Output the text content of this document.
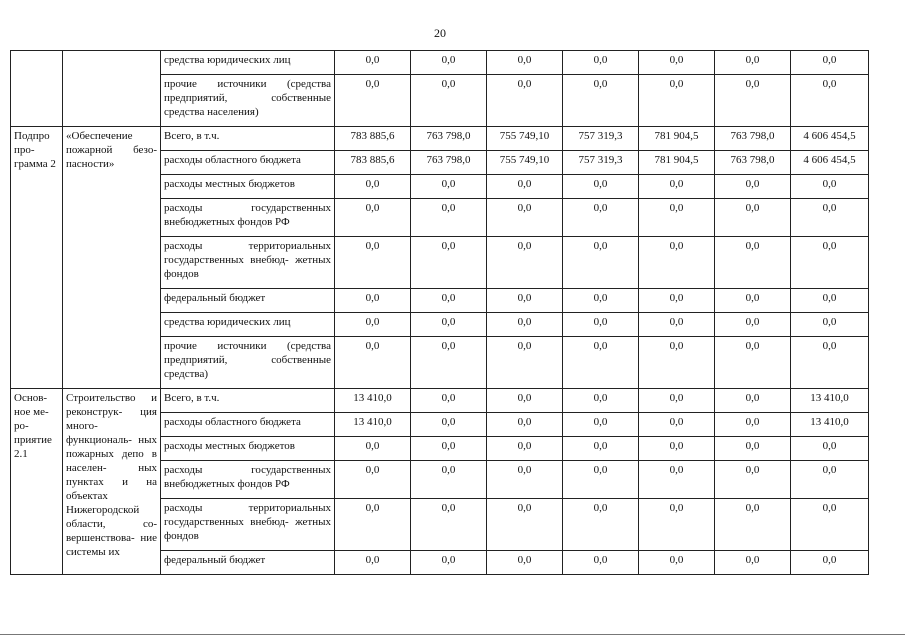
20
		средства юридических лиц	0,0	0,0	0,0	0,0	0,0	0,0	0,0
		прочие источники (средства предприятий, собственные средства населения)	0,0	0,0	0,0	0,0	0,0	0,0	0,0
Подпро про- грамма 2	«Обеспечение пожарной безо- пасности»	Всего, в т.ч.	783 885,6	763 798,0	755 749,10	757 319,3	781 904,5	763 798,0	4 606 454,5
		расходы областного бюджета	783 885,6	763 798,0	755 749,10	757 319,3	781 904,5	763 798,0	4 606 454,5
		расходы местных бюджетов	0,0	0,0	0,0	0,0	0,0	0,0	0,0
		расходы государственных внебюджетных фондов РФ	0,0	0,0	0,0	0,0	0,0	0,0	0,0
		расходы территориальных государственных внебюд- жетных фондов	0,0	0,0	0,0	0,0	0,0	0,0	0,0
		федеральный бюджет	0,0	0,0	0,0	0,0	0,0	0,0	0,0
		средства юридических лиц	0,0	0,0	0,0	0,0	0,0	0,0	0,0
		прочие источники (средства предприятий, собственные средства)	0,0	0,0	0,0	0,0	0,0	0,0	0,0
Основ- ное ме- ро- приятие 2.1	Строительство и реконструк- ция много- функциональ- ных пожарных депо в населен- ных пунктах и на объектах Нижегородской области, со- вершенствова- ние системы их	Всего, в т.ч.	13 410,0	0,0	0,0	0,0	0,0	0,0	13 410,0
		расходы областного бюджета	13 410,0	0,0	0,0	0,0	0,0	0,0	13 410,0
		расходы местных бюджетов	0,0	0,0	0,0	0,0	0,0	0,0	0,0
		расходы государственных внебюджетных фондов РФ	0,0	0,0	0,0	0,0	0,0	0,0	0,0
		расходы территориальных государственных внебюд- жетных фондов	0,0	0,0	0,0	0,0	0,0	0,0	0,0
		федеральный бюджет	0,0	0,0	0,0	0,0	0,0	0,0	0,0
